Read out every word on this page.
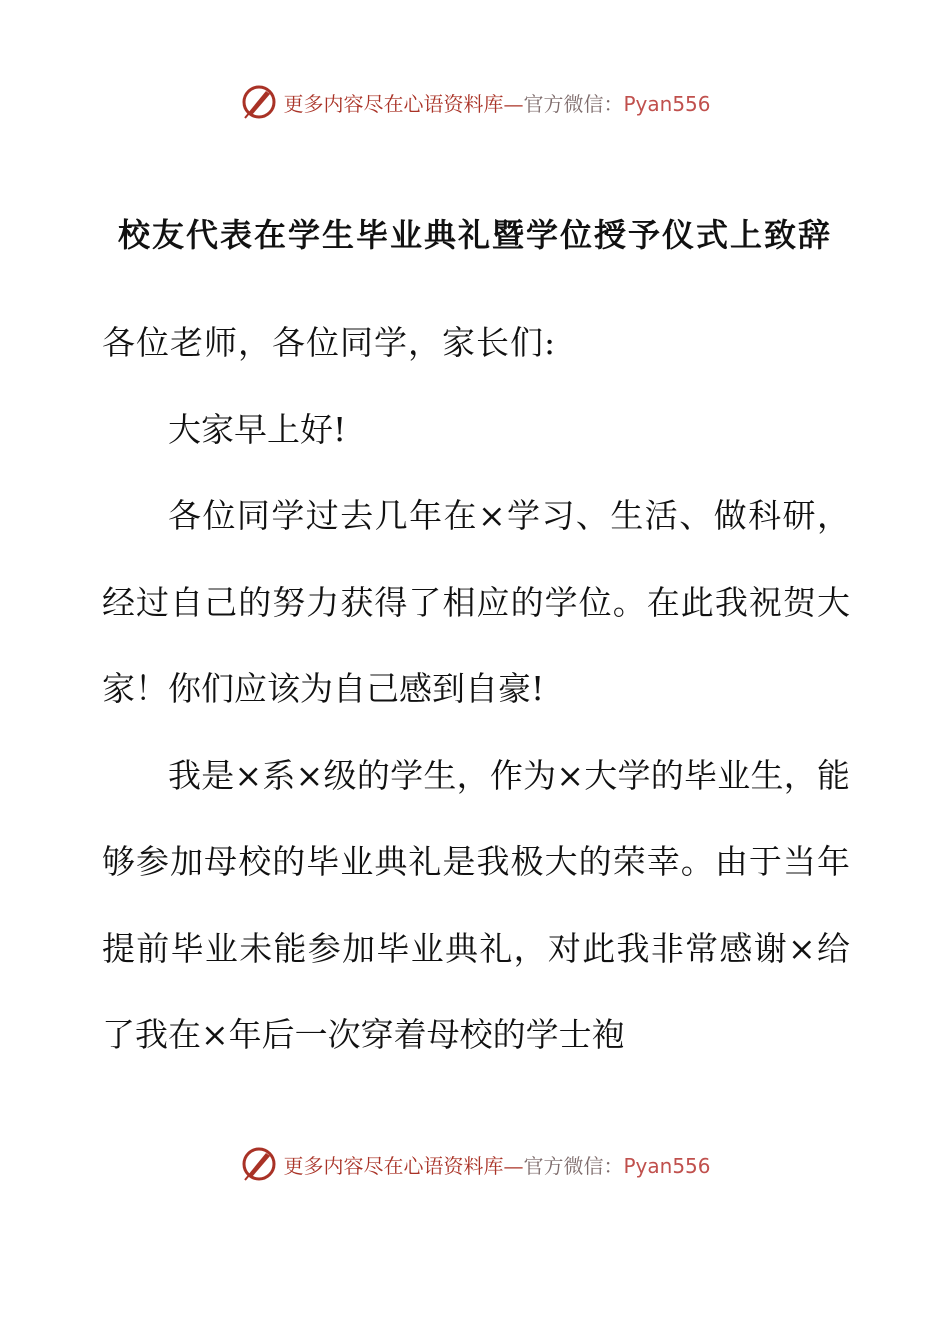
更多内容尽在心语资料库—官方微信：Pyan556
校友代表在学生毕业典礼暨学位授予仪式上致辞

各位老师，各位同学，家长们:

大家早上好!

各位同学过去几年在×学习、生活、做科研，经过自己的努力获得了相应的学位。在此我祝贺大家！你们应该为自己感到自豪!

我是×系×级的学生，作为×大学的毕业生，能够参加母校的毕业典礼是我极大的荣幸。由于当年提前毕业未能参加毕业典礼，对此我非常感谢×给了我在×年后一次穿着母校的学士袍

更多内容尽在心语资料库—官方微信：Pyan556
